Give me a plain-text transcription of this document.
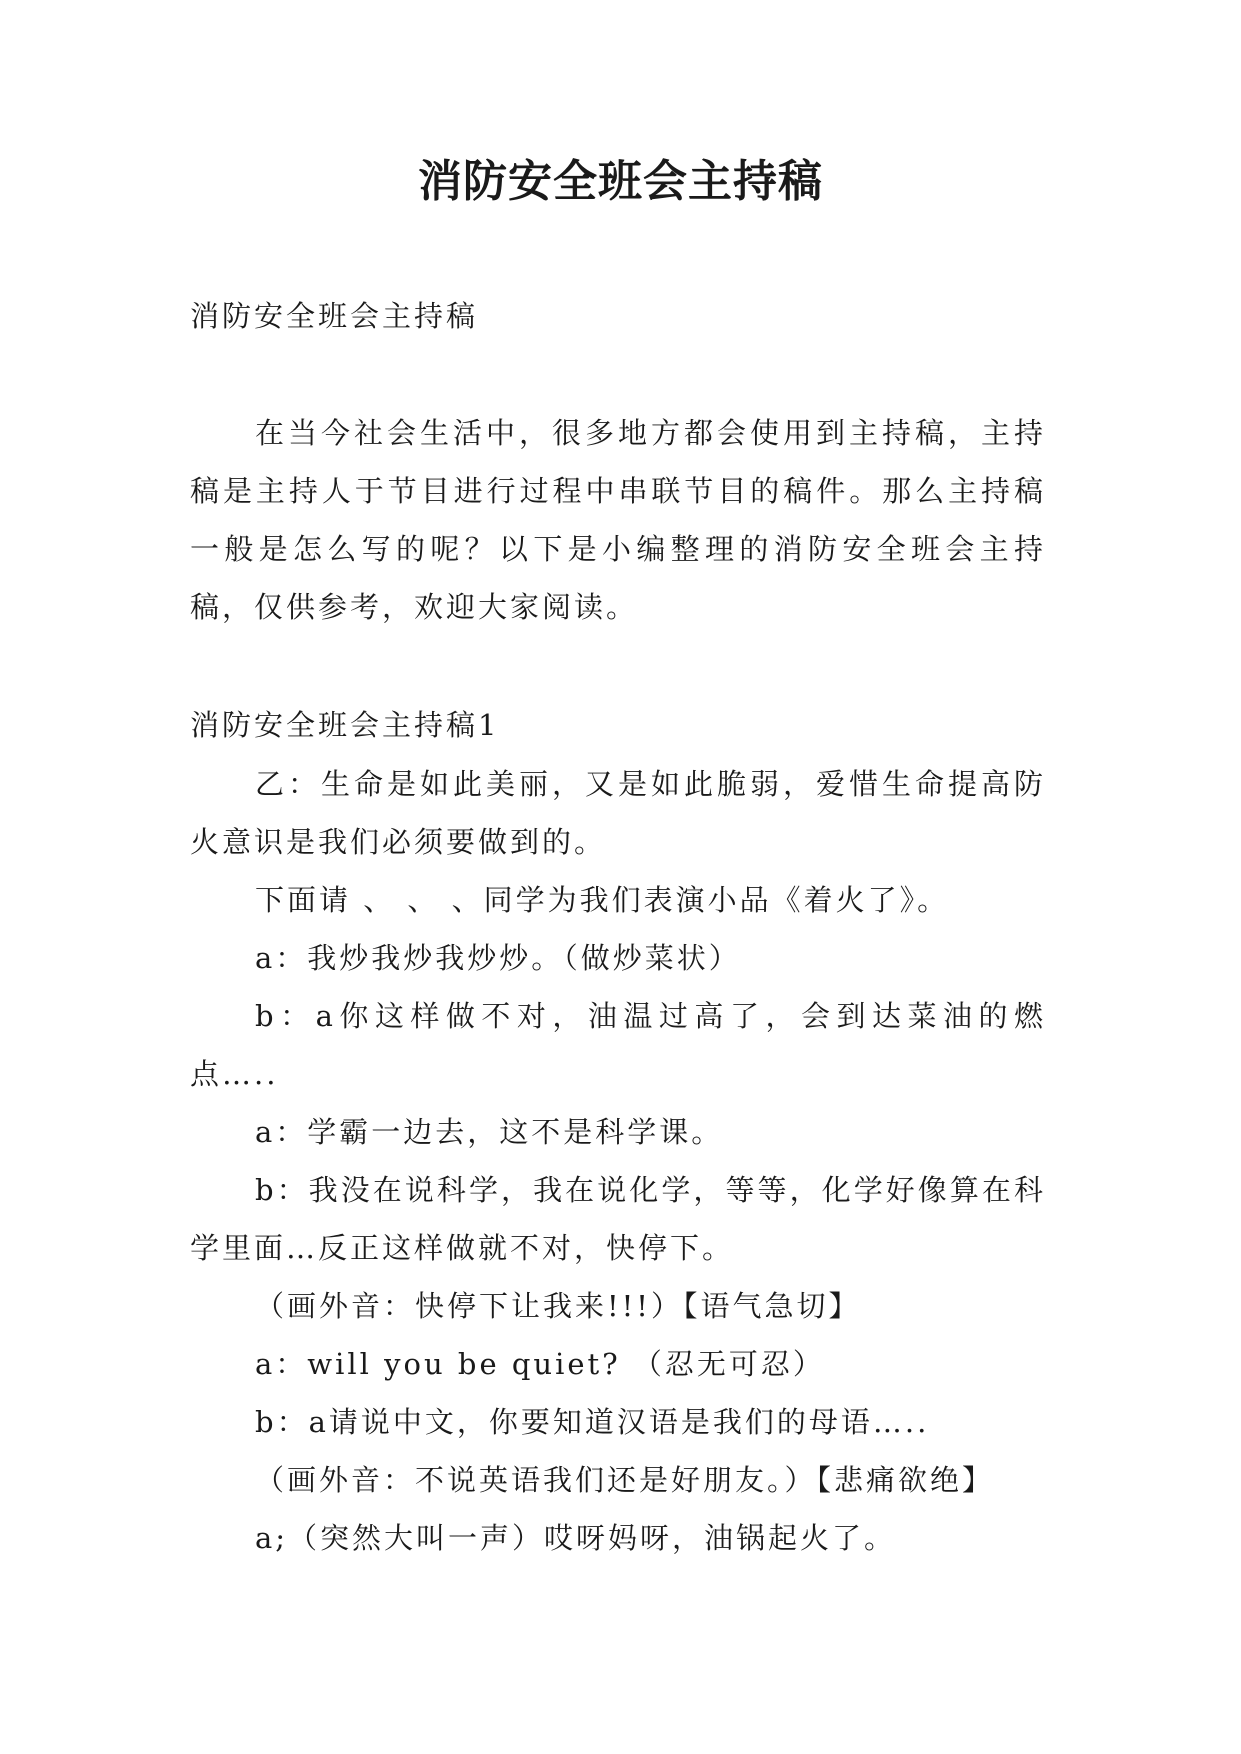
消防安全班会主持稿

消防安全班会主持稿

在当今社会生活中，很多地方都会使用到主持稿，主持稿是主持人于节目进行过程中串联节目的稿件。那么主持稿一般是怎么写的呢？以下是小编整理的消防安全班会主持稿，仅供参考，欢迎大家阅读。

消防安全班会主持稿1

乙：生命是如此美丽，又是如此脆弱，爱惜生命提高防火意识是我们必须要做到的。
下面请 、 、 、同学为我们表演小品《着火了》。
a：我炒我炒我炒炒。（做炒菜状）
b：a你这样做不对，油温过高了，会到达菜油的燃点…..
a：学霸一边去，这不是科学课。
b：我没在说科学，我在说化学，等等，化学好像算在科学里面…反正这样做就不对，快停下。
（画外音：快停下让我来!!!）【语气急切】
a：will you be quiet? （忍无可忍）
b：a请说中文，你要知道汉语是我们的母语…..
（画外音：不说英语我们还是好朋友。）【悲痛欲绝】
a;（突然大叫一声）哎呀妈呀，油锅起火了。
